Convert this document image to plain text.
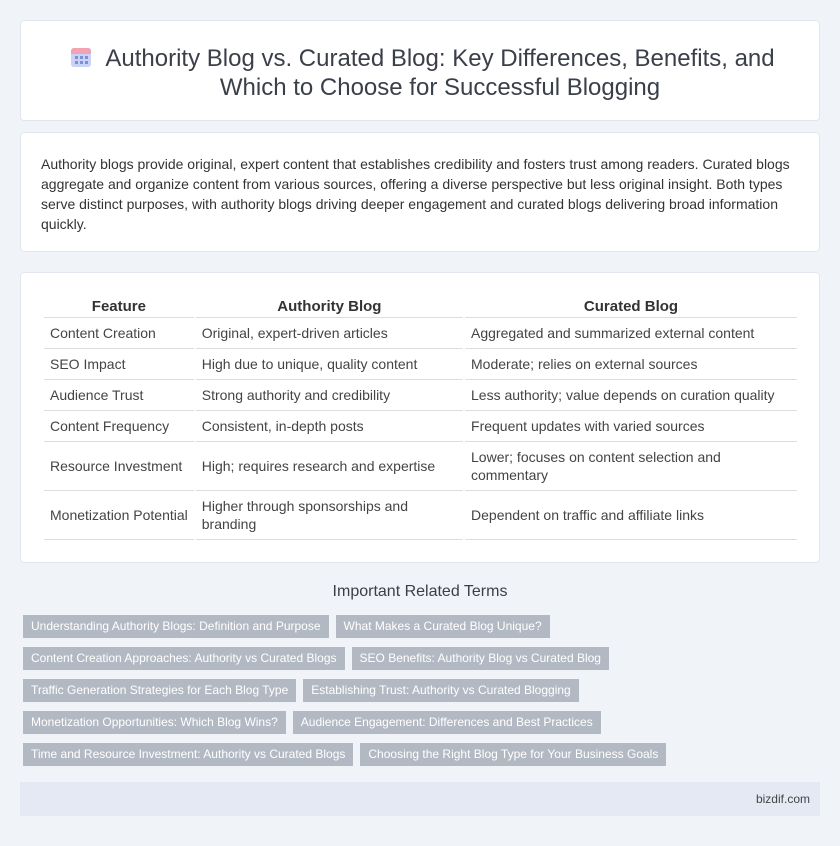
Authority Blog vs. Curated Blog: Key Differences, Benefits, and Which to Choose for Successful Blogging

Authority blogs provide original, expert content that establishes credibility and fosters trust among readers. Curated blogs aggregate and organize content from various sources, offering a diverse perspective but less original insight. Both types serve distinct purposes, with authority blogs driving deeper engagement and curated blogs delivering broad information quickly.

Feature	Authority Blog	Curated Blog
Content Creation	Original, expert-driven articles	Aggregated and summarized external content
SEO Impact	High due to unique, quality content	Moderate; relies on external sources
Audience Trust	Strong authority and credibility	Less authority; value depends on curation quality
Content Frequency	Consistent, in-depth posts	Frequent updates with varied sources
Resource Investment	High; requires research and expertise	Lower; focuses on content selection and commentary
Monetization Potential	Higher through sponsorships and branding	Dependent on traffic and affiliate links
Important Related Terms
Understanding Authority Blogs: Definition and Purpose	What Makes a Curated Blog Unique?
Content Creation Approaches: Authority vs Curated Blogs	SEO Benefits: Authority Blog vs Curated Blog
Traffic Generation Strategies for Each Blog Type	Establishing Trust: Authority vs Curated Blogging
Monetization Opportunities: Which Blog Wins?	Audience Engagement: Differences and Best Practices
Time and Resource Investment: Authority vs Curated Blogs	Choosing the Right Blog Type for Your Business Goals
bizdif.com
